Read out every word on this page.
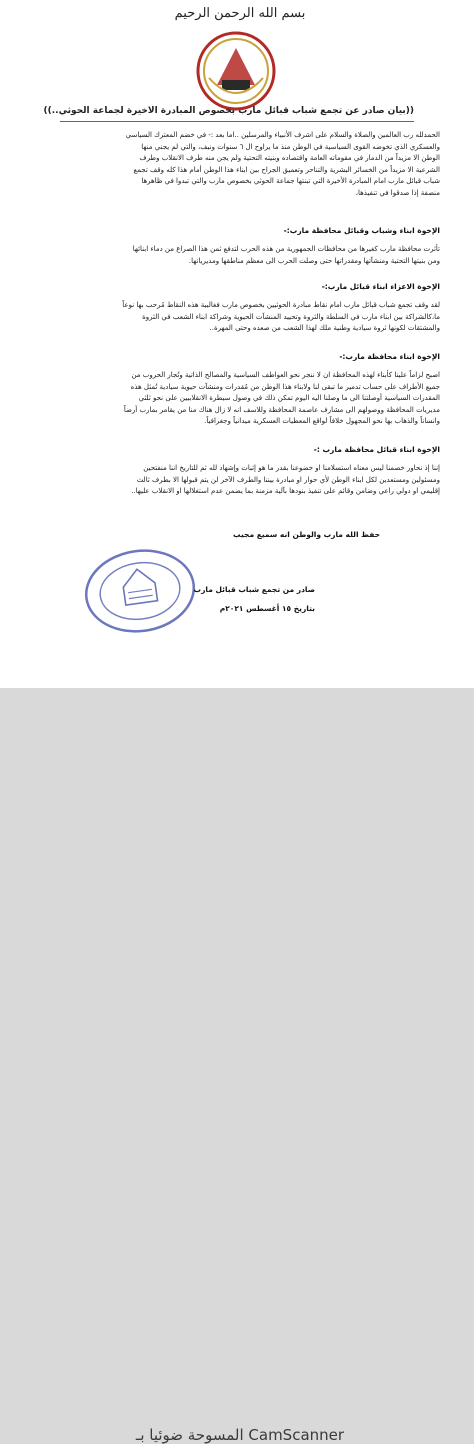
بسم الله الرحمن الرحيم
((بيان صادر عن تجمع شباب قبائل مارب بخصوص المبادرة الاخيرة لجماعة الحوثي..))
الحمدلله رب العالمين والصلاة والسلام على اشرف الأنبياء والمرسلين ..اما بعد :- في خضم المعترك السياسي
والعسكري الذي تخوضه القوى السياسية في الوطن منذ ما يراوح ال ٦ سنوات ونيف، والتي لم يجني منها
الوطن الا مزيداً من الدمار في مقوماته العامة واقتصاده وبنيته التحتية ولم يجن منه طرف الانقلاب وطرف
الشرعية الا مزيداً من الخسائر البشرية والتناحر وتعميق الجراح بين ابناء هذا الوطن أمام هذا كله وقف تجمع
شباب قبائل مارب امام المبادرة الأخيرة التي تبنتها جماعة الحوثي بخصوص مارب والتي تبدوا في ظاهرها
منصفة إذا صدقوا في تنفيذها،
الإخوة ابناء وشباب وقبائل محافظة مارب:-
تأثرت محافظة مارب كغيرها من محافظات الجمهورية من هذه الحرب لتدفع ثمن هذا الصراع من دماء ابنائها
ومن بنيتها التحتية ومنشآتها ومقدراتها حتى وصلت الحرب الى معظم مناطقها ومديرياتها.
الإخوة الاعزاء ابناء قبائل مارب:-
لقد وقف تجمع شباب قبائل مارب امام نقاط مبادرة الحوثيين بخصوص مارب فغالبية هذه النقاط مُرحب بها نوعاً
ما،كالشراكة بين ابناء مارب في السلطة والثروة وتحييد المنشآت الحيوية وشراكة ابناء الشعب في الثروة
والمشتقات لكونها ثروة سيادية وطنية ملك لهذا الشعب من صعده وحتى المهرة..
الإخوة ابناء محافظة مارب:-
اصبح لزاماً علينا كأبناء لهذه المحافظة ان لا ننجر نحو العواطف السياسية والمصالح الذاتية وتُجار الحروب من
جميع الأطراف على حساب تدمير ما تبقى لنا ولابناء هذا الوطن من مُقدرات ومنشآت حيوية سيادية تُمثل هذه
المقدرات السياسية أوصلتنا الى ما وصلنا اليه اليوم تمكن ذلك في وصول سيطرة الانقلابيين على نحو ثلثي
مديريات المحافظة ووصولهم الى مشارف عاصمة المحافظة وللاسف انه لا زال هناك منا من يقامر بمارب أرضاً
وانساناً والذهاب بها نحو المجهول خلافاً لواقع المعطيات العسكرية ميدانياً وجغرافياً.
الإخوة ابناء قبائل محافظة مارب :-
إننا إذ نحاور خصمنا ليس معناه استسلامنا او خضوعنا بقدر ما هو إثبات وإشهاد لله ثم للتاريخ اننا منفتحين
ومسئولين ومستعدين لكل ابناء الوطن لأي حوار او مبادرة بيننا والطرف الآخر لن يتم قبولها الا بطرف ثالث
إقليمي او دولي راعي وضامن وقائم على تنفيذ بنودها بآلية مزمنة بما يضمن عدم استغلالها او الانقلاب عليها..
حفظ الله مارب والوطن انه سميع مجيب
صادر من تجمع شباب قبائل مارب
بتاريخ ١٥ أغسطس ٢٠٢١م
المسوحة ضوئيا بـ CamScanner
